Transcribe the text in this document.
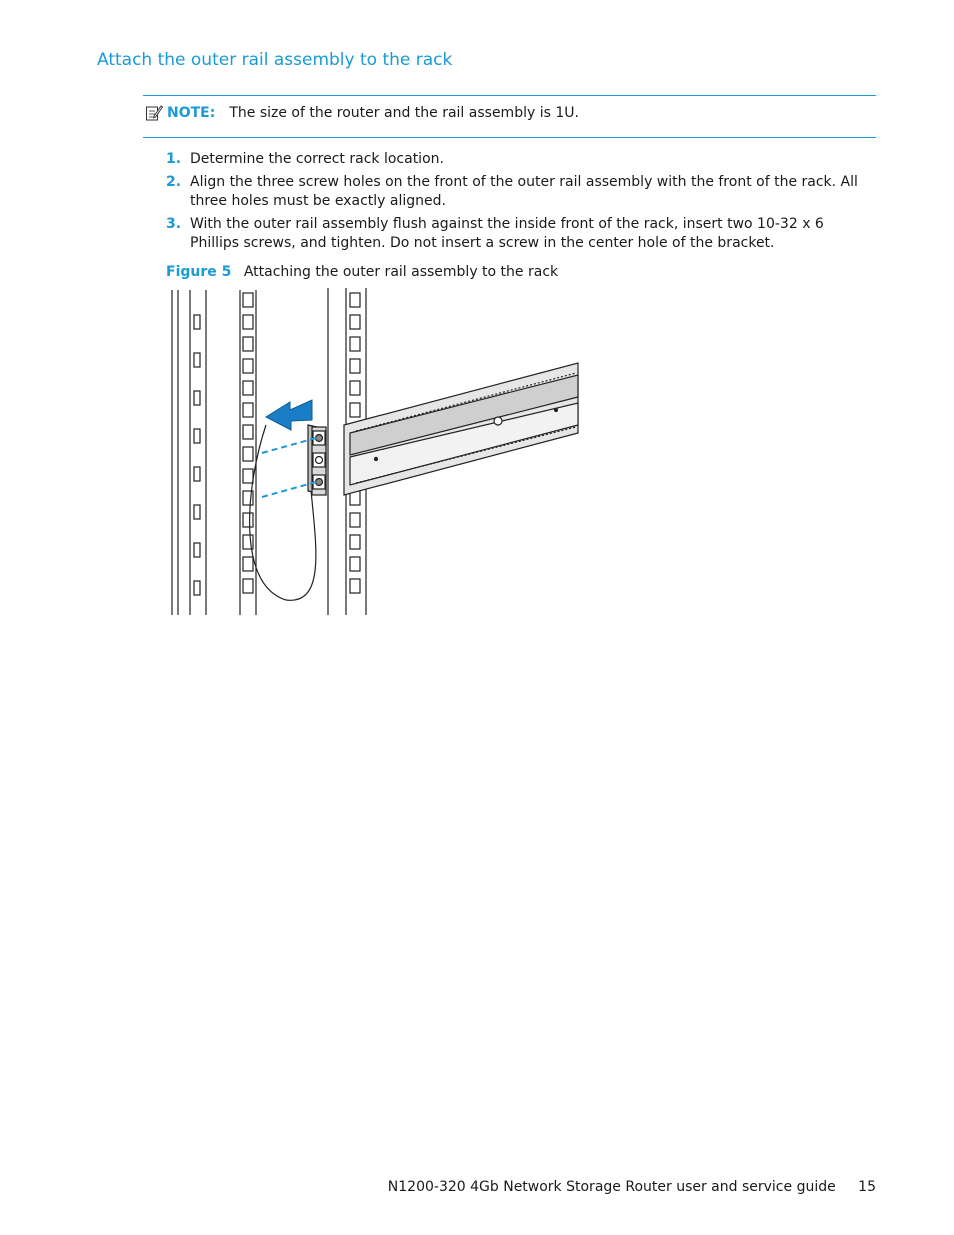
Attach the outer rail assembly to the rack
NOTE: The size of the router and the rail assembly is 1U.
1. Determine the correct rack location.
2. Align the three screw holes on the front of the outer rail assembly with the front of the rack. All three holes must be exactly aligned.
3. With the outer rail assembly flush against the inside front of the rack, insert two 10-32 x 6 Phillips screws, and tighten. Do not insert a screw in the center hole of the bracket.
Figure 5 Attaching the outer rail assembly to the rack
N1200-320 4Gb Network Storage Router user and service guide 15
